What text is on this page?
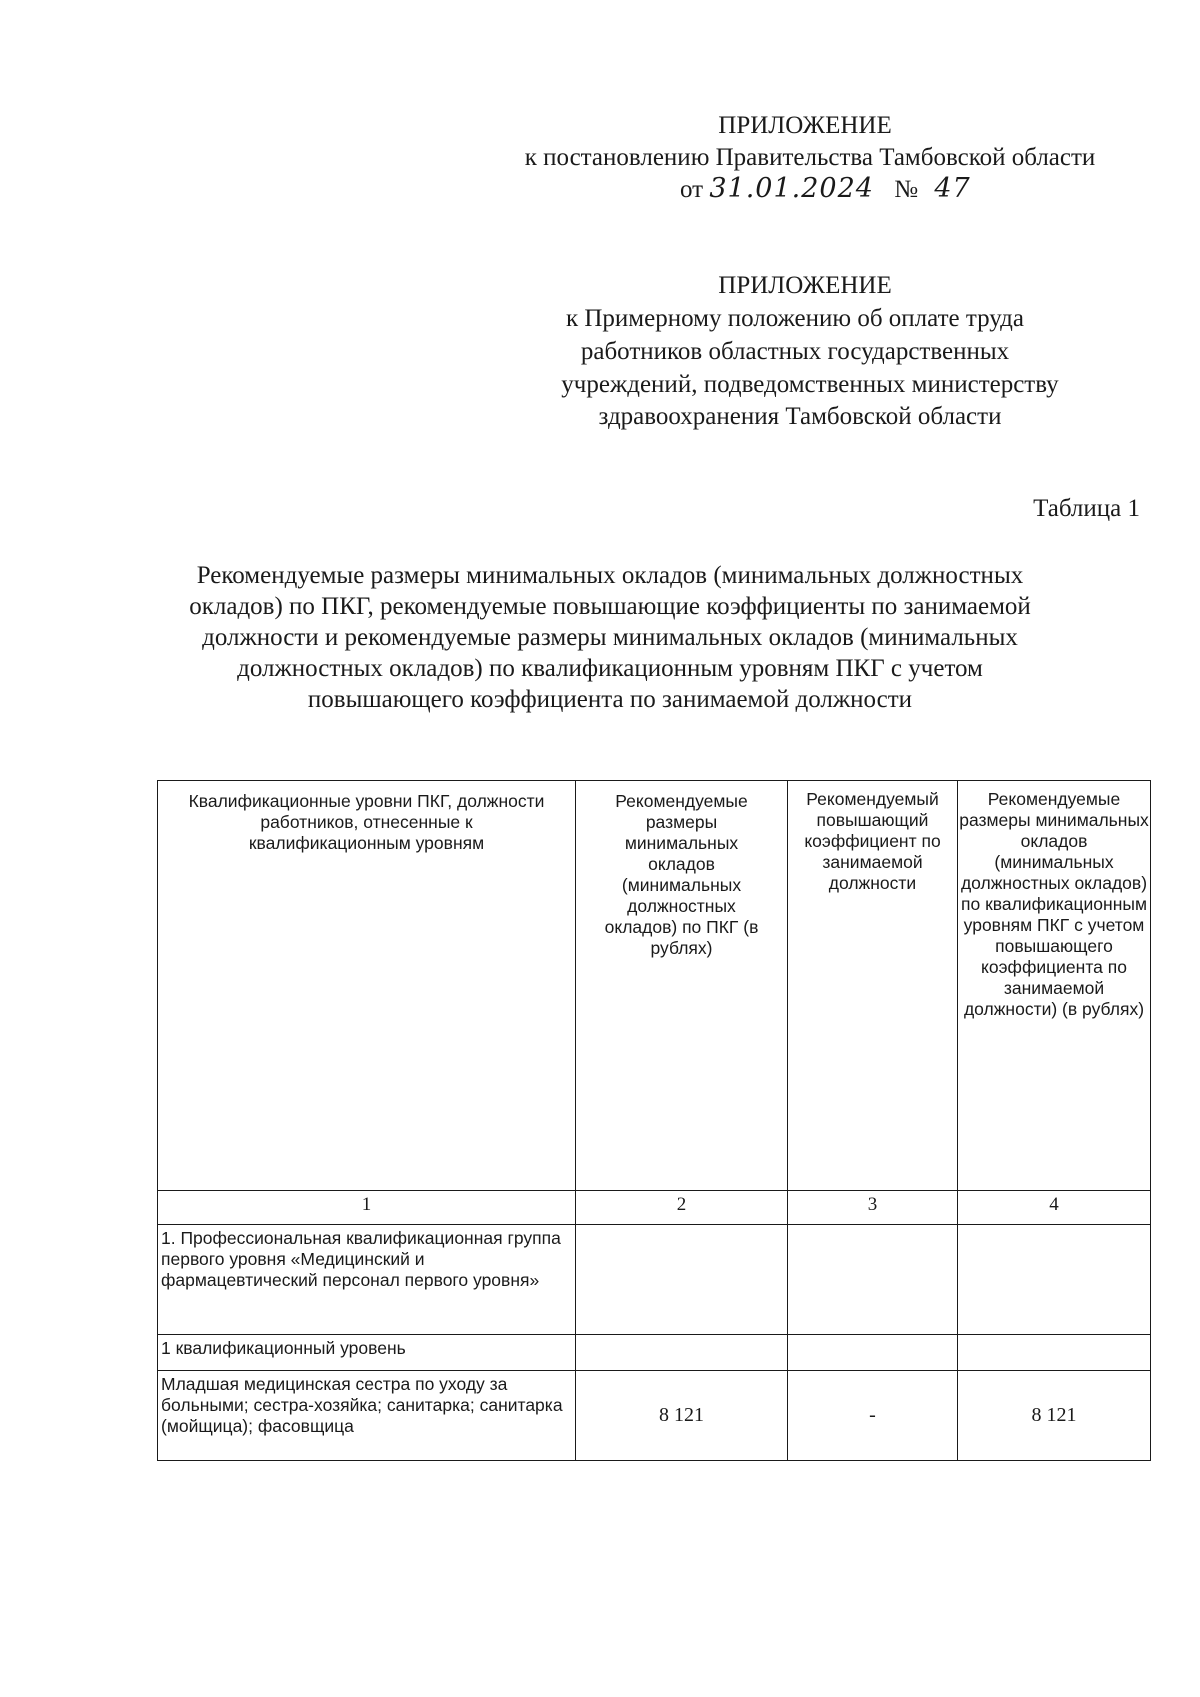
ПРИЛОЖЕНИЕ
к постановлению Правительства Тамбовской области
от 31.01.2024 № 47
ПРИЛОЖЕНИЕ
к Примерному положению об оплате труда
работников областных государственных
учреждений, подведомственных министерству
здравоохранения Тамбовской области
Таблица 1
Рекомендуемые размеры минимальных окладов (минимальных должностных
окладов) по ПКГ, рекомендуемые повышающие коэффициенты по занимаемой
должности и рекомендуемые размеры минимальных окладов (минимальных
должностных окладов) по квалификационным уровням ПКГ с учетом
повышающего коэффициента по занимаемой должности
Квалификационные уровни ПКГ, должности работников, отнесенные к квалификационным уровням	Рекомендуемые размеры минимальных окладов (минимальных должностных окладов) по ПКГ (в рублях)	Рекомендуемый повышающий коэффициент по занимаемой должности	Рекомендуемые размеры минимальных окладов (минимальных должностных окладов) по квалификационным уровням ПКГ с учетом повышающего коэффициента по занимаемой должности) (в рублях)
1	2	3	4
1. Профессиональная квалификационная группа первого уровня «Медицинский и фармацевтический персонал первого уровня»			
1 квалификационный уровень			
Младшая медицинская сестра по уходу за больными; сестра-хозяйка; санитарка; санитарка (мойщица); фасовщица	8 121	-	8 121
